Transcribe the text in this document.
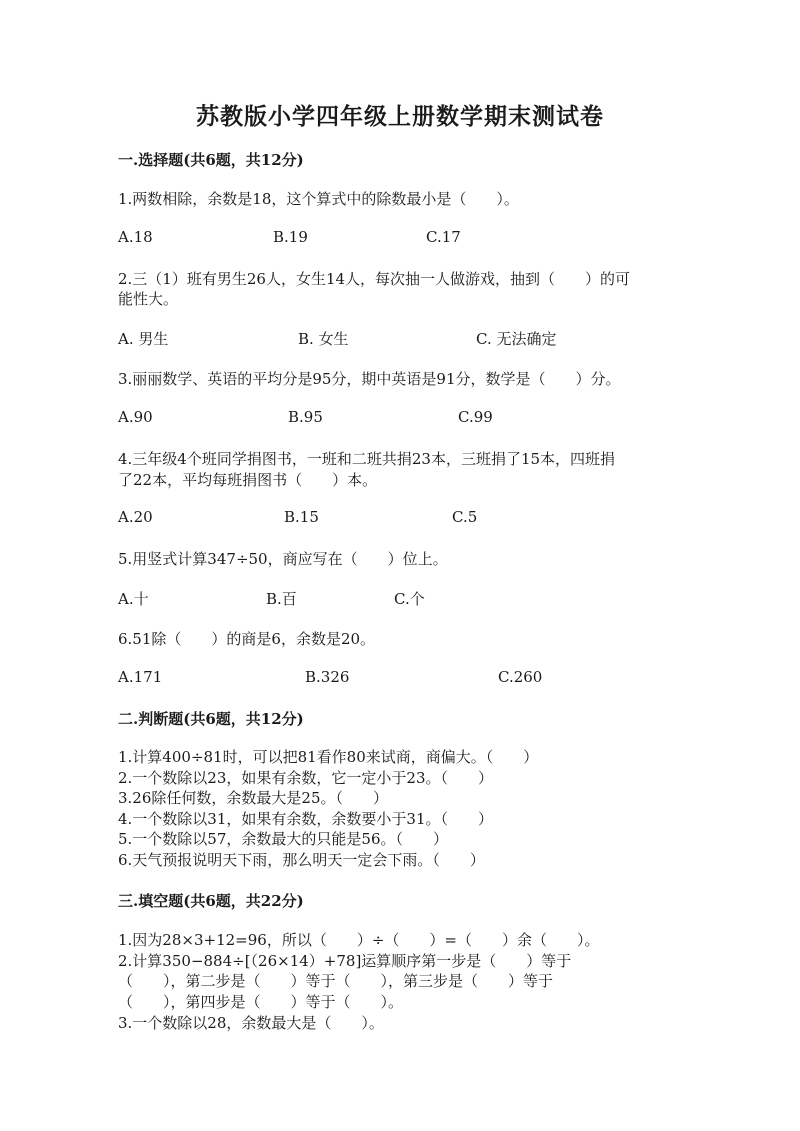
苏教版小学四年级上册数学期末测试卷
一.选择题(共6题，共12分)
1.两数相除，余数是18，这个算式中的除数最小是（　　）。
A.18	B.19	C.17
2.三（1）班有男生26人，女生14人，每次抽一人做游戏，抽到（　　）的可
能性大。
A. 男生	B. 女生	C. 无法确定
3.丽丽数学、英语的平均分是95分，期中英语是91分，数学是（　　）分。
A.90	B.95	C.99
4.三年级4个班同学捐图书，一班和二班共捐23本，三班捐了15本，四班捐
了22本，平均每班捐图书（　　）本。
A.20	B.15	C.5
5.用竖式计算347÷50，商应写在（　　）位上。
A.十	B.百	C.个
6.51除（　　）的商是6，余数是20。
A.171	B.326	C.260
二.判断题(共6题，共12分)
1.计算400÷81时，可以把81看作80来试商，商偏大。（　　）
2.一个数除以23，如果有余数，它一定小于23。（　　）
3.26除任何数，余数最大是25。（　　）
4.一个数除以31，如果有余数，余数要小于31。（　　）
5.一个数除以57，余数最大的只能是56。（　　）
6.天气预报说明天下雨，那么明天一定会下雨。（　　）
三.填空题(共6题，共22分)
1.因为28×3+12=96，所以（　　）÷（　　）=（　　）余（　　）。
2.计算350−884÷[（26×14）+78]运算顺序第一步是（　　）等于
（　　），第二步是（　　）等于（　　），第三步是（　　）等于
（　　），第四步是（　　）等于（　　）。
3.一个数除以28，余数最大是（　　）。
